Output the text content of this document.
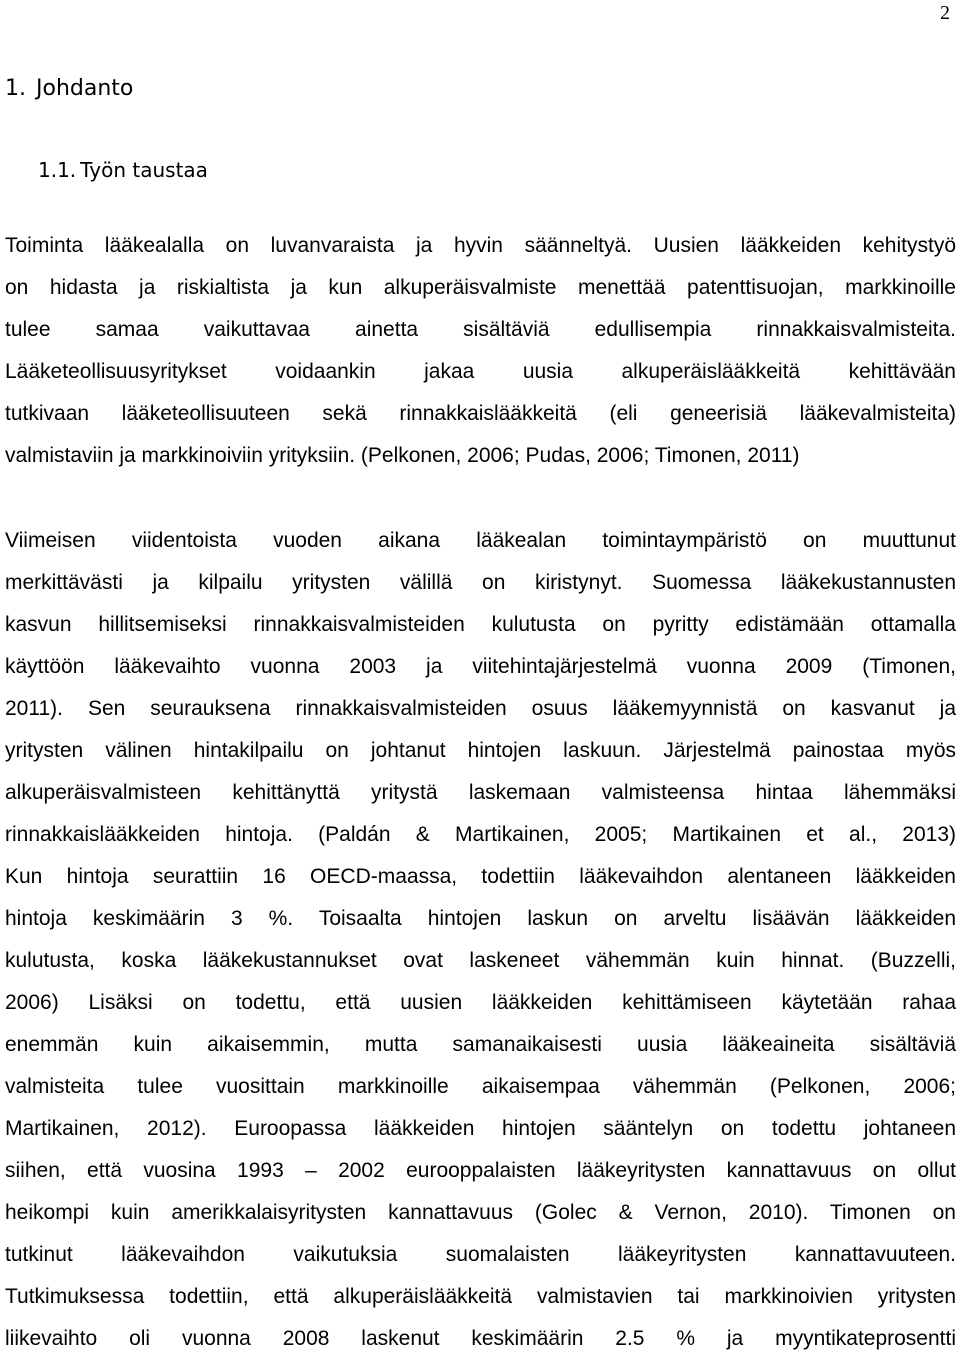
2
1. Johdanto
1.1. Työn taustaa
Toiminta lääkealalla on luvanvaraista ja hyvin säänneltyä. Uusien lääkkeiden kehitystyö
on hidasta ja riskialtista ja kun alkuperäisvalmiste menettää patenttisuojan, markkinoille
tulee samaa vaikuttavaa ainetta sisältäviä edullisempia rinnakkaisvalmisteita.
Lääketeollisuusyritykset voidaankin jakaa uusia alkuperäislääkkeitä kehittävään
tutkivaan lääketeollisuuteen sekä rinnakkaislääkkeitä (eli geneerisiä lääkevalmisteita)
valmistaviin ja markkinoiviin yrityksiin. (Pelkonen, 2006; Pudas, 2006; Timonen, 2011)
Viimeisen viidentoista vuoden aikana lääkealan toimintaympäristö on muuttunut
merkittävästi ja kilpailu yritysten välillä on kiristynyt. Suomessa lääkekustannusten
kasvun hillitsemiseksi rinnakkaisvalmisteiden kulutusta on pyritty edistämään ottamalla
käyttöön lääkevaihto vuonna 2003 ja viitehintajärjestelmä vuonna 2009 (Timonen,
2011). Sen seurauksena rinnakkaisvalmisteiden osuus lääkemyynnistä on kasvanut ja
yritysten välinen hintakilpailu on johtanut hintojen laskuun. Järjestelmä painostaa myös
alkuperäisvalmisteen kehittänyttä yritystä laskemaan valmisteensa hintaa lähemmäksi
rinnakkaislääkkeiden hintoja. (Paldán & Martikainen, 2005; Martikainen et al., 2013)
Kun hintoja seurattiin 16 OECD-maassa, todettiin lääkevaihdon alentaneen lääkkeiden
hintoja keskimäärin 3 %. Toisaalta hintojen laskun on arveltu lisäävän lääkkeiden
kulutusta, koska lääkekustannukset ovat laskeneet vähemmän kuin hinnat. (Buzzelli,
2006) Lisäksi on todettu, että uusien lääkkeiden kehittämiseen käytetään rahaa
enemmän kuin aikaisemmin, mutta samanaikaisesti uusia lääkeaineita sisältäviä
valmisteita tulee vuosittain markkinoille aikaisempaa vähemmän (Pelkonen, 2006;
Martikainen, 2012). Euroopassa lääkkeiden hintojen sääntelyn on todettu johtaneen
siihen, että vuosina 1993 – 2002 eurooppalaisten lääkeyritysten kannattavuus on ollut
heikompi kuin amerikkalaisyritysten kannattavuus (Golec & Vernon, 2010). Timonen on
tutkinut lääkevaihdon vaikutuksia suomalaisten lääkeyritysten kannattavuuteen.
Tutkimuksessa todettiin, että alkuperäislääkkeitä valmistavien tai markkinoivien yritysten
liikevaihto oli vuonna 2008 laskenut keskimäärin 2.5 % ja myyntikateprosentti
